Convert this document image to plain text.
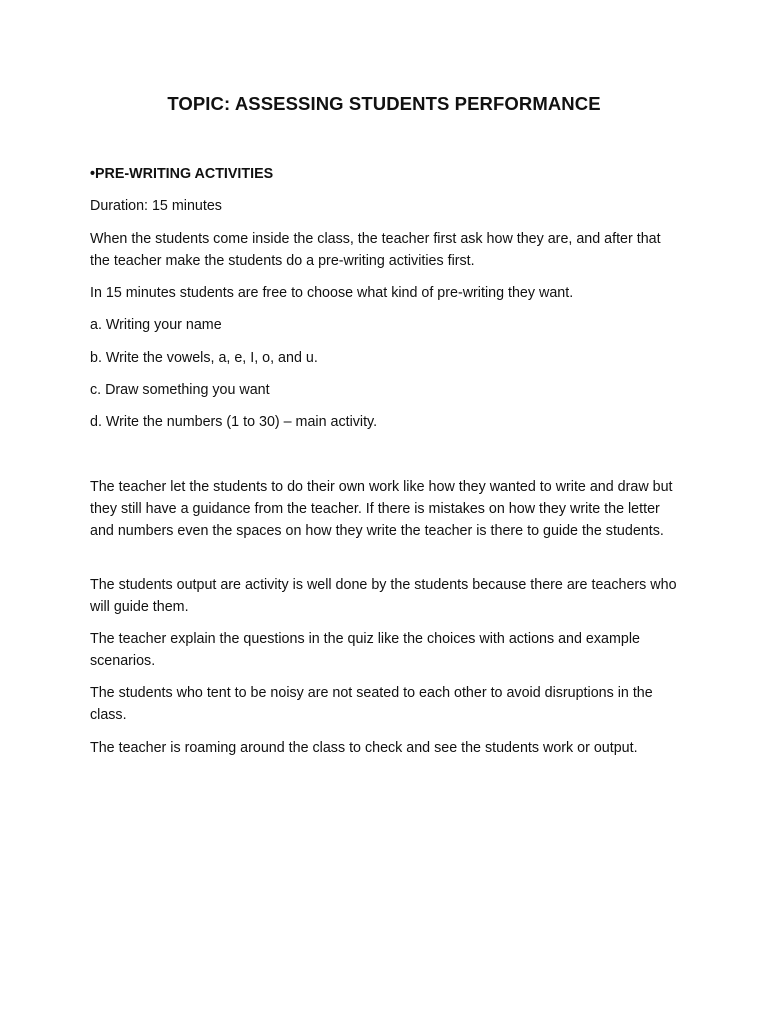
TOPIC: ASSESSING STUDENTS PERFORMANCE

•PRE-WRITING ACTIVITIES

Duration: 15 minutes

When the students come inside the class, the teacher first ask how they are, and after that the teacher make the students do a pre-writing activities first.

In 15 minutes students are free to choose what kind of pre-writing they want.

a. Writing your name
b. Write the vowels, a, e, I, o, and u.
c. Draw something you want
d. Write the numbers (1 to 30) – main activity.

The teacher let the students to do their own work like how they wanted to write and draw but they still have a guidance from the teacher. If there is mistakes on how they write the letter and numbers even the spaces on how they write the teacher is there to guide the students.

The students output are activity is well done by the students because there are teachers who will guide them.

The teacher explain the questions in the quiz like the choices with actions and example scenarios.

The students who tent to be noisy are not seated to each other to avoid disruptions in the class.

The teacher is roaming around the class to check and see the students work or output.
